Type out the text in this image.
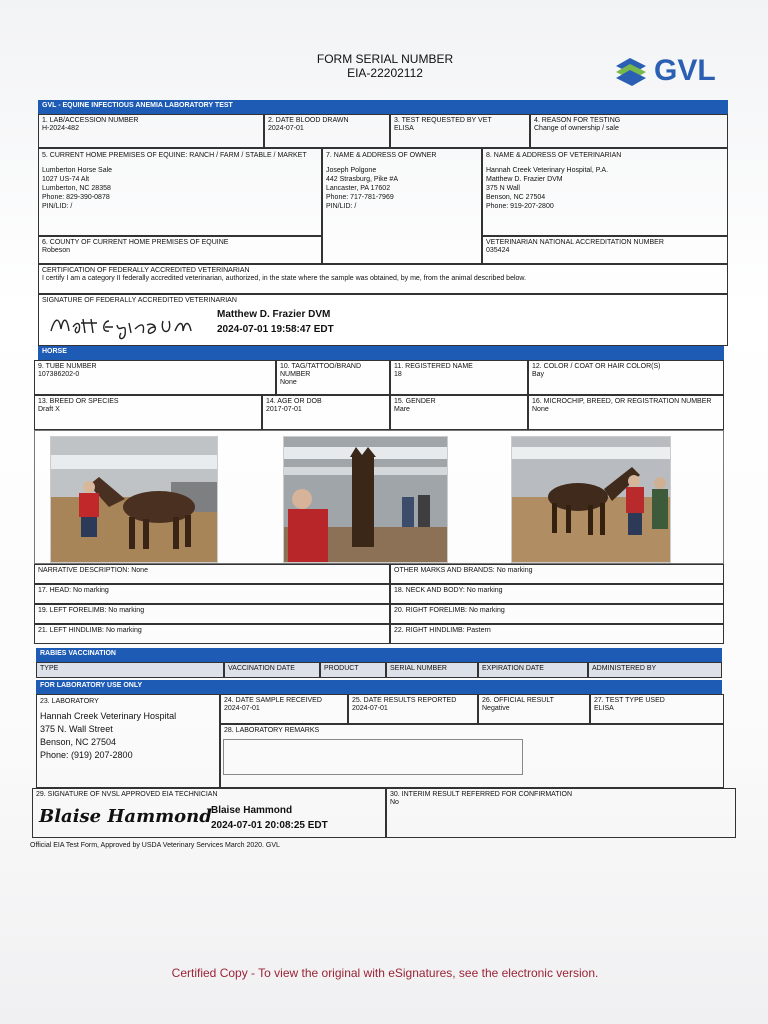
FORM SERIAL NUMBER
EIA-22202112	GVL
GVL - EQUINE INFECTIOUS ANEMIA LABORATORY TEST
1. LAB/ACCESSION NUMBER
H-2024-482
2. DATE BLOOD DRAWN
2024-07-01
3. TEST REQUESTED BY VET
ELISA
4. REASON FOR TESTING
Change of ownership / sale
5. CURRENT HOME PREMISES OF EQUINE: RANCH / FARM / STABLE / MARKET
Lumberton Horse Sale
1027 US-74 Alt
Lumberton, NC 28358
Phone: 829-390-0878
PIN/LID: /
7. NAME & ADDRESS OF OWNER
Joseph Polgone
442 Strasburg, Pike #A
Lancaster, PA 17602
Phone: 717-781-7969
PIN/LID: /
8. NAME & ADDRESS OF VETERINARIAN
Hannah Creek Veterinary Hospital, P.A.
Matthew D. Frazier DVM
375 N Wall
Benson, NC 27504
Phone: 919-207-2800
6. COUNTY OF CURRENT HOME PREMISES OF EQUINE
Robeson
VETERINARIAN NATIONAL ACCREDITATION NUMBER
035424
CERTIFICATION OF FEDERALLY ACCREDITED VETERINARIAN
I certify I am a category II federally accredited veterinarian, authorized, in the state where the sample was obtained, by me, from the animal described below.
SIGNATURE OF FEDERALLY ACCREDITED VETERINARIAN
Matthew D. Frazier DVM
2024-07-01 19:58:47 EDT
HORSE
9. TUBE NUMBER
107386202-0
10. TAG/TATTOO/BRAND NUMBER
None
11. REGISTERED NAME
18
12. COLOR / COAT OR HAIR COLOR(S)
Bay
13. BREED OR SPECIES
Draft X
14. AGE OR DOB
2017-07-01
15. GENDER
Mare
16. MICROCHIP, BREED, OR REGISTRATION NUMBER
None
NARRATIVE DESCRIPTION: None	OTHER MARKS AND BRANDS: No marking
17. HEAD: No marking	18. NECK AND BODY: No marking
19. LEFT FORELIMB: No marking	20. RIGHT FORELIMB: No marking
21. LEFT HINDLIMB: No marking	22. RIGHT HINDLIMB: Pastern
RABIES VACCINATION
TYPE	VACCINATION DATE	PRODUCT	SERIAL NUMBER	EXPIRATION DATE	ADMINISTERED BY
FOR LABORATORY USE ONLY
23. LABORATORY
Hannah Creek Veterinary Hospital
375 N. Wall Street
Benson, NC 27504
Phone: (919) 207-2800
24. DATE SAMPLE RECEIVED
2024-07-01
25. DATE RESULTS REPORTED
2024-07-01
26. OFFICIAL RESULT
Negative
27. TEST TYPE USED
ELISA
28. LABORATORY REMARKS
29. SIGNATURE OF NVSL APPROVED EIA TECHNICIAN
Blaise Hammond Blaise Hammond
2024-07-01 20:08:25 EDT
30. INTERIM RESULT REFERRED FOR CONFIRMATION
No
Official EIA Test Form, Approved by USDA Veterinary Services March 2020. GVL
Certified Copy - To view the original with eSignatures, see the electronic version.
